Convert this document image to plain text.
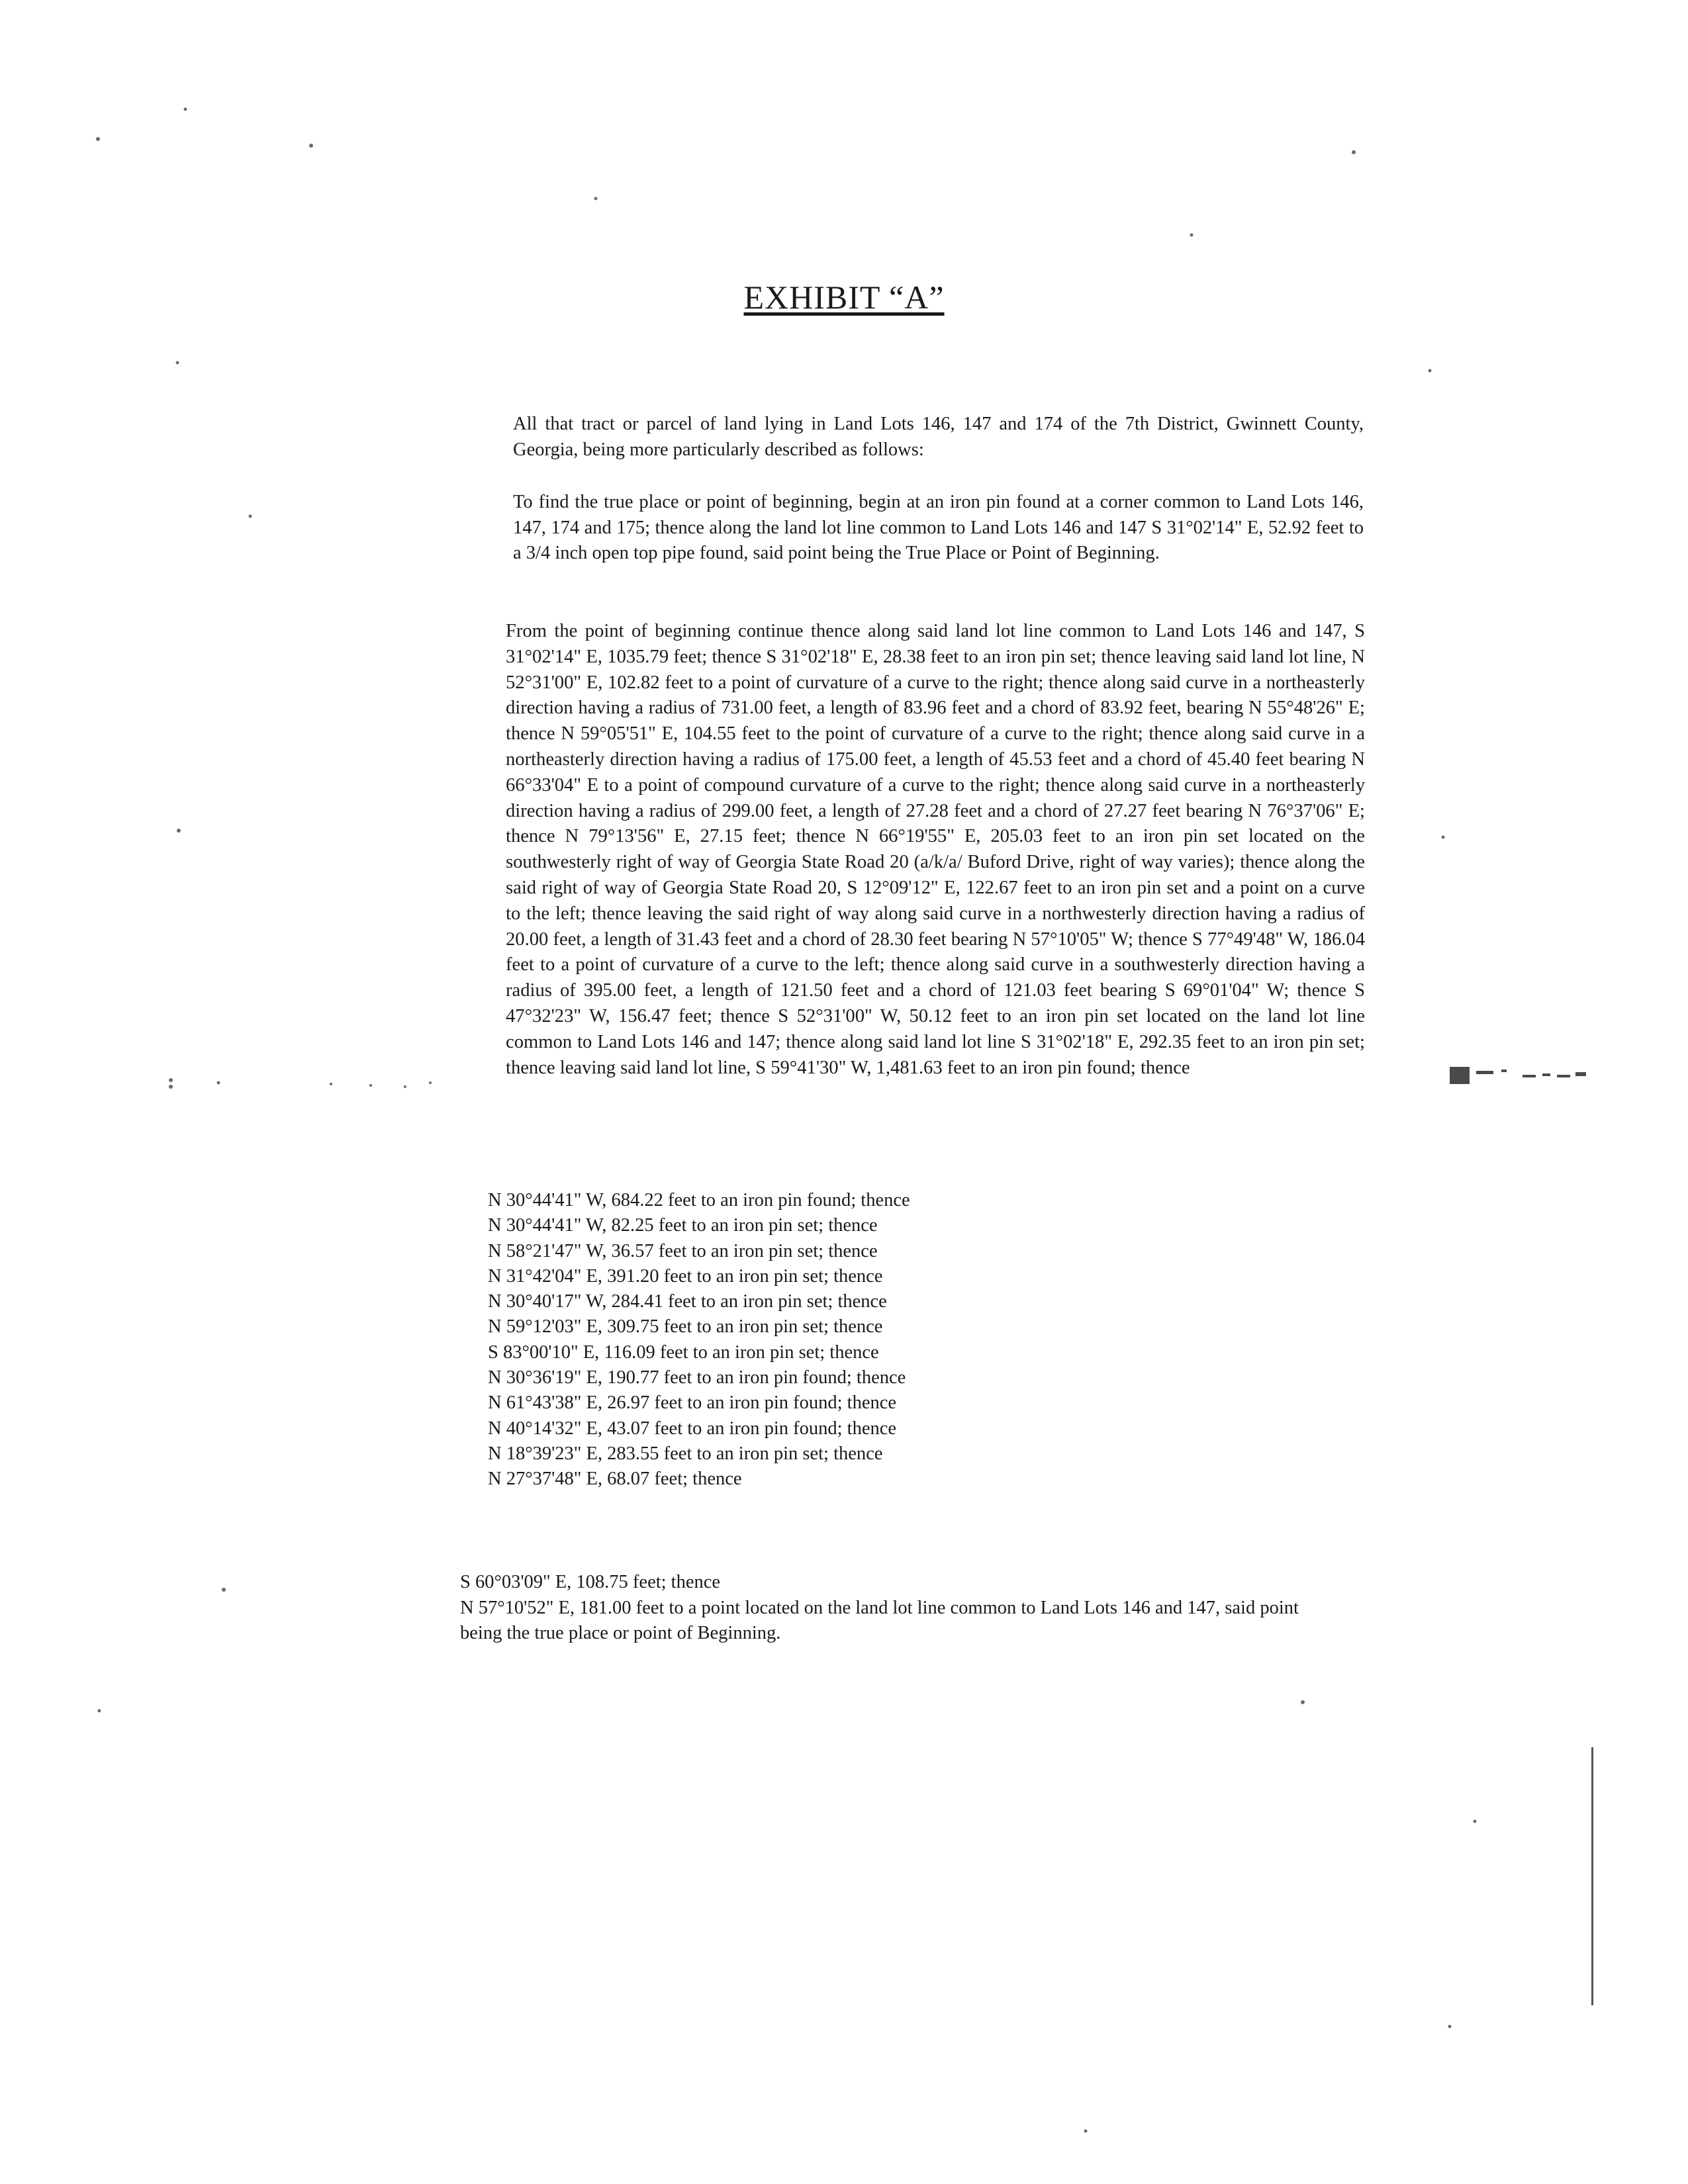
EXHIBIT “A”
All that tract or parcel of land lying in Land Lots 146, 147 and 174 of the 7th District, Gwinnett County, Georgia, being more particularly described as follows:
To find the true place or point of beginning, begin at an iron pin found at a corner common to Land Lots 146, 147, 174 and 175; thence along the land lot line common to Land Lots 146 and 147 S 31°02'14" E, 52.92 feet to a 3/4 inch open top pipe found, said point being the True Place or Point of Beginning.
From the point of beginning continue thence along said land lot line common to Land Lots 146 and 147, S 31°02'14" E, 1035.79 feet; thence S 31°02'18" E, 28.38 feet to an iron pin set; thence leaving said land lot line, N 52°31'00" E, 102.82 feet to a point of curvature of a curve to the right; thence along said curve in a northeasterly direction having a radius of 731.00 feet, a length of 83.96 feet and a chord of 83.92 feet, bearing N 55°48'26" E; thence N 59°05'51" E, 104.55 feet to the point of curvature of a curve to the right; thence along said curve in a northeasterly direction having a radius of 175.00 feet, a length of 45.53 feet and a chord of 45.40 feet bearing N 66°33'04" E to a point of compound curvature of a curve to the right; thence along said curve in a northeasterly direction having a radius of 299.00 feet, a length of 27.28 feet and a chord of 27.27 feet bearing N 76°37'06" E; thence N 79°13'56" E, 27.15 feet; thence N 66°19'55" E, 205.03 feet to an iron pin set located on the southwesterly right of way of Georgia State Road 20 (a/k/a/ Buford Drive, right of way varies); thence along the said right of way of Georgia State Road 20, S 12°09'12" E, 122.67 feet to an iron pin set and a point on a curve to the left; thence leaving the said right of way along said curve in a northwesterly direction having a radius of 20.00 feet, a length of 31.43 feet and a chord of 28.30 feet bearing N 57°10'05" W; thence S 77°49'48" W, 186.04 feet to a point of curvature of a curve to the left; thence along said curve in a southwesterly direction having a radius of 395.00 feet, a length of 121.50 feet and a chord of 121.03 feet bearing S 69°01'04" W; thence S 47°32'23" W, 156.47 feet; thence S 52°31'00" W, 50.12 feet to an iron pin set located on the land lot line common to Land Lots 146 and 147; thence along said land lot line S 31°02'18" E, 292.35 feet to an iron pin set; thence leaving said land lot line, S 59°41'30" W, 1,481.63 feet to an iron pin found; thence
N 30°44'41" W, 684.22 feet to an iron pin found; thence
N 30°44'41" W, 82.25 feet to an iron pin set; thence
N 58°21'47" W, 36.57 feet to an iron pin set; thence
N 31°42'04" E, 391.20 feet to an iron pin set; thence
N 30°40'17" W, 284.41 feet to an iron pin set; thence
N 59°12'03" E, 309.75 feet to an iron pin set; thence
S 83°00'10" E, 116.09 feet to an iron pin set; thence
N 30°36'19" E, 190.77 feet to an iron pin found; thence
N 61°43'38" E, 26.97 feet to an iron pin found; thence
N 40°14'32" E, 43.07 feet to an iron pin found; thence
N 18°39'23" E, 283.55 feet to an iron pin set; thence
N 27°37'48" E, 68.07 feet; thence
S 60°03'09" E, 108.75 feet; thence
N 57°10'52" E, 181.00 feet to a point located on the land lot line common to Land Lots 146 and 147, said point being the true place or point of Beginning.
